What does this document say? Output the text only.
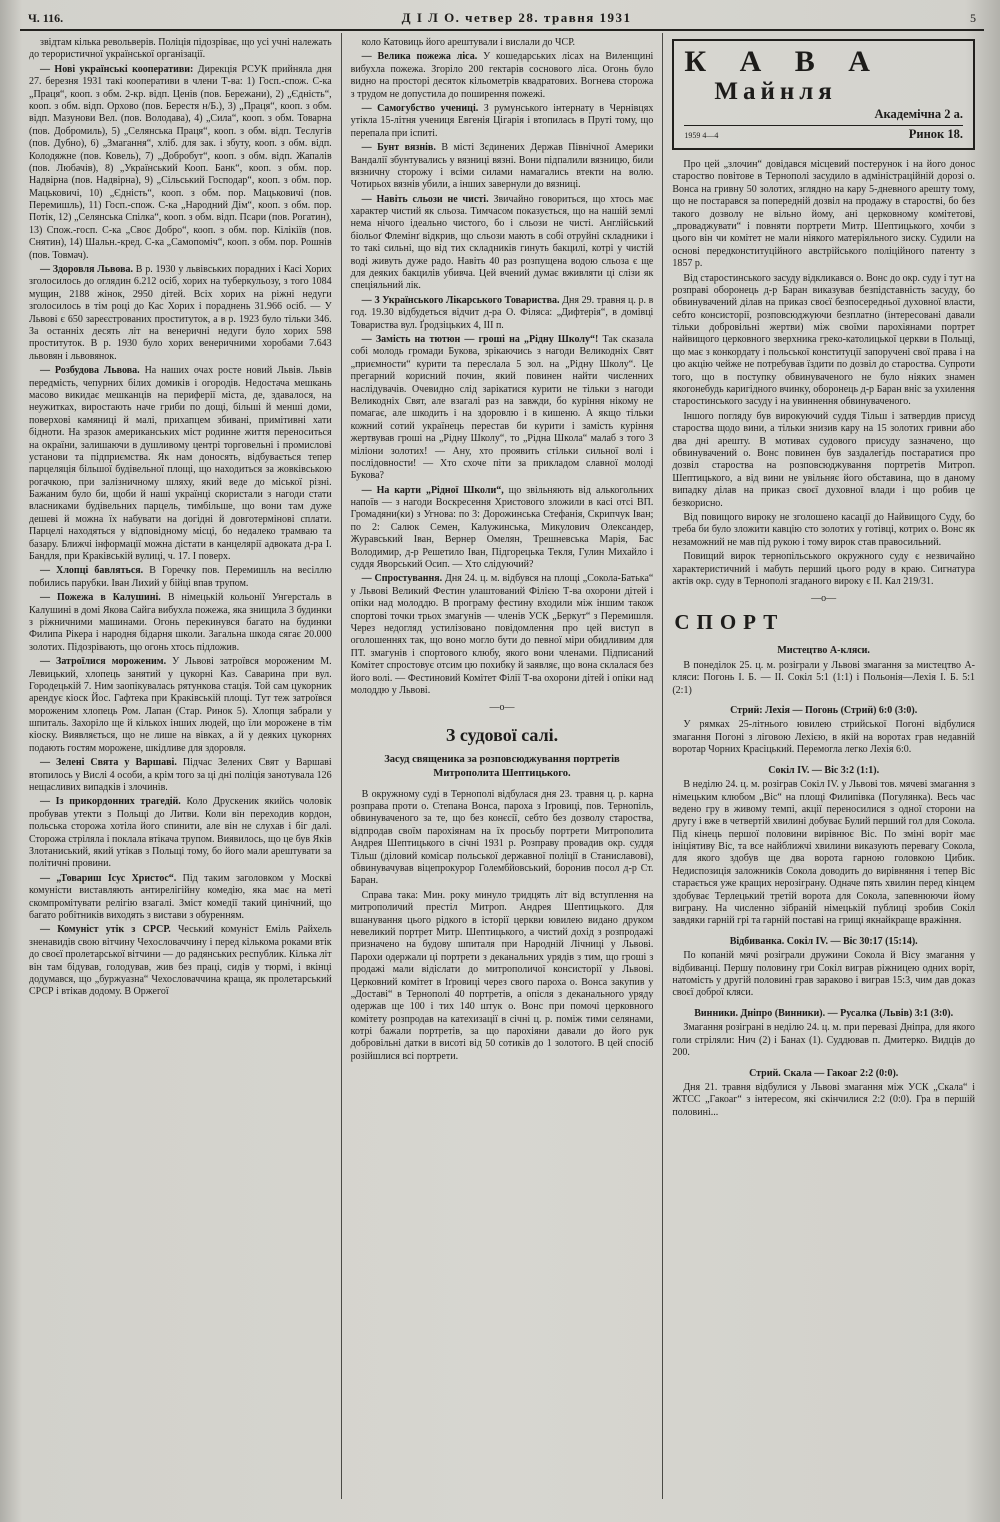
Ч. 116.	Д І Л О. четвер 28. травня 1931	5

звідтам кілька револьверів. Поліція підозріває, що усі учні належать до терористичної української організації.

— Нові українські кооперативи: Дирекція РСУК прийняла дня 27. березня 1931 такі кооперативи в члени Т-ва: 1) Госп.-спож. С-ка „Праця“, кооп. з обм. 2-кр. відп. Ценів (пов. Бережани), 2) „Єдність“, кооп. з обм. відп. Орхово (пов. Берестя н/Б.), 3) „Праця“, кооп. з обм. відп. Мазунови Вел. (пов. Володава), 4) „Сила“, кооп. з обм. Товарна (пов. Добромиль), 5) „Селянська Праця“, кооп. з обм. відп. Теслугів (пов. Дубно), 6) „Змагання“, хліб. для зак. і збуту, кооп. з обм. відп. Колодяжне (пов. Ковель), 7) „Добробут“, кооп. з обм. відп. Жапалів (пов. Любачів), 8) „Український Кооп. Банк“, кооп. з обм. пор. Надвірна (пов. Надвірна), 9) „Сільський Господар“, кооп. з обм. пор. Мацьковичі, 10) „Єдність“, кооп. з обм. пор. Мацьковичі (пов. Перемишль), 11) Госп.-спож. С-ка „Народний Дім“, кооп. з обм. пор. Потік, 12) „Селянська Спілка“, кооп. з обм. відп. Псари (пов. Рогатин), 13) Спож.-госп. С-ка „Своє Добро“, кооп. з обм. пор. Кілікіїв (пов. Снятин), 14) Шальн.-кред. С-ка „Самопоміч“, кооп. з обм. пор. Рошнів (пов. Товмач).

— Здоровля Львова. В р. 1930 у львівських порадних і Касі Хорих зголосилось до оглядин 6.212 осіб, хорих на туберкульозу, з того 1084 мущин, 2188 жінок, 2950 дітей. Всіх хорих на ріжні недуги зголосилось в тім році до Кас Хорих і пораднень 31.966 осіб. — У Львові є 650 зареєстрованих проституток, а в р. 1923 було тільки 346. За останніх десять літ на венеричні недуги було хорих 598 проституток. В р. 1930 було хорих венеричними хоробами 7.643 львовян і львовянок.

— Розбудова Львова. На наших очах росте новий Львів. Львів передмість, чепурних білих домиків і огородів. Недостача мешкань масово викидає мешканців на периферії міста, де, здавалося, на неужитках, виростають наче гриби по дощі, більші й менші доми, поверхові камяниці й малі, прихапцем збивані, примітивні хати бідноти. На зразок американських міст родинне життя переноситься на окраїни, залишаючи в душливому центрі торговельні і промислові установи та підприємства. Як нам доносять, відбувається тепер парцеляція більшої будівельної площі, що находиться за жовківською рогачкою, при залізничному шляху, який веде до міської різні. Бажаним було би, щоби й наші українці скористали з нагоди стати власниками будівельних парцель, тимбільше, що вони там дуже дешеві й можна їх набувати на догідні й довготермінові сплати. Парцелі находяться у відповідному місці, бо недалеко трамваю та базару. Ближчі інформації можна дістати в канцелярії адвоката д-ра І. Бандля, при Краківській вулиці, ч. 17. І поверх.

— Хлопці бавляться. В Горечку пов. Перемишль на весіллю побились парубки. Іван Лихий у бійці впав трупом.

— Пожежа в Калушині. В німецькій кольонії Унгерсталь в Калушині в домі Якова Сайга вибухла пожежа, яка знищила 3 будинки з ріжничними машинами. Огонь перекинувся багато на будинки Филипа Рікера і народня бідарня школи. Загальна шкода сягає 20.000 золотих. Підозрівають, що огонь хтось підложив.

— Затроїлися мороженим. У Львові затроївся мороженим М. Левицький, хлопець занятий у цукорні Каз. Саварина при вул. Городецькій 7. Ним заопікувалась рятункова стація. Той сам цукорник арендує кіоск Йос. Гафтека при Краківській площі. Тут теж затроївся мороженим хлопець Ром. Лапан (Стар. Ринок 5). Хлопця забрали у шпиталь. Захоріло ще й кількох інших людей, що їли морожене в тім кіоску. Виявляється, що не лише на вівках, а й у деяких цукорнях подають гостям морожене, шкідливе для здоровля.

— Зелені Свята у Варшаві. Підчас Зелених Свят у Варшаві втопилось у Вислі 4 особи, а крім того за ці дні поліція занотувала 126 нещасливих випадків і злочинів.

— Із прикордонних трагедій. Коло Друскеник якийсь чоловік пробував утекти з Польщі до Литви. Коли він переходив кордон, польська сторожа хотіла його спинити, але він не слухав і біг далі. Сторожа стріляла і поклала втікача трупом. Виявилось, що це був Яків Злотаниський, який утікав з Польщі тому, бо його мали арештувати за політичні провини.

— „Товариш Ісус Христос“. Під таким заголовком у Москві комуністи виставляють антирелігійну комедію, яка має на меті скомпромітувати релігію взагалі. Зміст комедії такий цинічний, що багато робітників виходять з вистави з обуренням.

— Комуніст утік з СРСР. Чеський комуніст Еміль Райхель зненавидів свою вітчину Чехословаччину і перед кількома роками втік до своєї пролетарської вітчини — до радянських республик. Кілька літ він там бідував, голодував, жив без праці, сидів у тюрмі, і вкінці додумався, що „буржуазна“ Чехословаччина краща, як пролетарський СРСР і втікав додому. В Оржегої

коло Катовиць його арештували і вислали до ЧСР.

— Велика пожежа ліса. У кошедарських лісах на Виленщині вибухла пожежа. Згоріло 200 гектарів соснового ліса. Огонь було видно на просторі десяток кільометрів квадратових. Вогнева сторожа з трудом не допустила до поширення пожежі.

— Самогубство учениці. З румунського інтернату в Чернівцях утікла 15-літня учениця Евгенія Цігарія і втопилась в Пруті тому, що перепала при іспиті.

— Бунт вязнів. В місті Зєдинених Держав Північної Америки Вандалії збунтувались у вязниці вязні. Вони підпалили вязницю, били вязничну сторожу і всіми силами намагались втекти на волю. Чотирьох вязнів убили, а інших завернули до вязниці.

— Навіть сльози не чисті. Звичайно говориться, що хтось має характер чистий як сльоза. Тимчасом показується, що на нашій землі нема нічого ідеально чистого, бо і сльози не чисті. Англійський біольоґ Флемінґ відкрив, що сльози мають в собі отруйні складники і то такі сильні, що від тих складників гинуть бакцилі, котрі у чистій воді живуть дуже радо. Навіть 40 раз розпущена водою сльоза є ще для деяких бакцилів убивча. Цей вчений думає вживляти ці слізи як спеціяльний лік.

— З Українського Лікарського Товариства. Дня 29. травня ц. р. в год. 19.30 відбудеться відчит д-ра О. Філяса: „Дифтерія“, в домівці Товариства вул. Ґродзіцьких 4, III п.

— Замість на тютюн — гроші на „Рідну Школу“! Так сказала собі молодь громади Букова, зрікаючись з нагоди Великодніх Свят „приємности“ курити та переслала 5 зол. на „Рідну Школу“. Це прегарний корисний почин, який повинен найти численних наслідувачів. Очевидно слід зарікатися курити не тільки з нагоди Великодніх Свят, але взагалі раз на завжди, бо куріння нікому не помагає, але шкодить і на здоровлю і в кишеню. А якщо тільки кожний сотий українець перестав би курити і замість куріння жертвував гроші на „Рідну Школу“, то „Рідна Школа“ малаб з того 3 міліони золотих! — Ану, хто проявить стільки сильної волі і послідовности! — Хто схоче піти за прикладом славної молоді Букова?

— На карти „Рідної Школи“, що звільняють від алькогольних напоїв — з нагоди Воскресення Христового зложили в касі отсі ВП. Громадяни(ки) з Угнова: по 3: Дорожинська Стефанія, Скрипчук Іван; по 2: Салюк Семен, Калужинська, Микулович Олександер, Журавський Іван, Вернер Омелян, Трешневська Марія, Бас Володимир, д-р Решетило Іван, Підгорецька Текля, Гулин Михайло і суддя Яворський Осип. — Хто слідуючий?

— Спростування. Дня 24. ц. м. відбувся на площі „Сокола-Батька“ у Львові Великий Фестин улаштований Філією Т-ва охорони дітей і опіки над молоддю. В програму фестину входили між іншим також спортові точки трьох змагунів — членів УСК „Беркут“ з Перемишля. Через недогляд устилізовано повідомлення про цей виступ в оголошеннях так, що воно могло бути до певної міри обидливим для ПТ. змагунів і спортового клюбу, якого вони членами. Підписаний Комітет спростовує отсим цю похибку й заявляє, що вона склалася без його волі. — Фестиновий Комітет Філії Т-ва охорони дітей і опіки над молоддю у Львові.

—о—
З судової салі.
Засуд священика за розповсюджування портретів Митрополита Шептицького.

В окружному суді в Тернополі відбулася дня 23. травня ц. р. карна розправа проти о. Степана Вонса, пароха з Іґровиці, пов. Тернопіль, обвинуваченого за те, що без конєсії, себто без дозволу староства, відпродав своїм парохіянам на їх просьбу портрети Митрополита Андрея Шептицького в січні 1931 р. Розправу провадив окр. суддя Тільш (діловий комісар польської державної поліції в Станиславові), обвинувачував віцепрокурор Голембйовський, боронив посол д-р Ст. Баран.

Справа така: Мин. року минуло тридцять літ від вступлення на митрополичий престіл Митроп. Андрея Шептицького. Для вшанування цього рідкого в історії церкви ювилею видано друком невеликий портрет Митр. Шептицького, а чистий дохід з розпродажі призначено на будову шпиталя при Народній Лічниці у Львові. Парохи одержали ці портрети з деканальних урядів з тим, що гроші з продажі мали відіслати до митрополичої консисторії у Львові. Церковний комітет в Іґровиці через свого пароха о. Вонса закупив у „Доставі“ в Тернополі 40 портретів, а опісля з деканального уряду одержав ще 100 і тих 140 штук о. Вонс при помочі церковного комітету розпродав на катехизації в січні ц. р. поміж тими селянами, котрі бажали портретів, за що парохіяни давали до його рук добровільні датки в висоті від 50 сотиків до 1 золотого. В цей спосіб розійшлися всі портрети.

К А В А
Майнля
Академічна 2 а.
1959 4—4	Ринок 18.

Про цей „злочин“ довідався місцевий постерунок і на його донос староство повітове в Тернополі засудило в адміністраційній дорозі о. Вонса на гривну 50 золотих, зглядно на кару 5-дневного арешту тому, що не постарався за попередній дозвіл на продажу в старостві, бо без такого дозволу не вільно йому, ані церковному комітетові, „проваджувати“ і повняти портрети Митр. Шептицького, хочби з цього він чи комітет не мали ніякого матеріяльного зиску. Судили на основі передконституційного австрійського поліційного патенту з 1857 р.

Від старостинського засуду відкликався о. Вонс до окр. суду і тут на розправі оборонець д-р Баран виказував безпідставність засуду, бо обвинувачений ділав на приказ своєї безпосередньої духовної власти, себто консисторії, розповсюджуючи безплатно (інтересовані давали тільки добровільні жертви) між своїми парохіянами портрет найвищого церковного зверхника греко-католицької церкви в Польщі, що має з конкордату і польської конституції запоручені свої права і на цю акцію чейже не потребував їздити по дозвіл до староства. Супроти того, що в поступку обвинуваченого не було ніяких знамен якогонебудь каригідного вчинку, оборонець д-р Баран вніс за ухилення старостинського засуду і на увиннення обвинуваченого.

Іншого погляду був вирокуючий суддя Тільш і затвердив присуд староства щодо вини, а тільки знизив кару на 15 золотих гривни або два дні арешту. В мотивах судового присуду зазначено, що обвинувачений о. Вонс повинен був заздалегідь постаратися про дозвіл староства на розповсюджування портретів Митроп. Шептицького, а від вини не увільняє його обставина, що в даному випадку ділав на приказ своєї духовної влади і що робив це безкорисно.

Від повищого вироку не зголошено касації до Найвищого Суду, бо треба би було зложити кавцію сто золотих у готівці, котрих о. Вонс як незаможний не мав під рукою і тому вирок став правосильний.

Повищий вирок тернопільського окружного суду є незвичайно характеристичний і мабуть перший цього роду в краю. Сигнатура актів окр. суду в Тернополі згаданого вироку є ІІ. Кал 219/31.

—о—
СПОРТ
Мистецтво А-кляси.

В понеділок 25. ц. м. розіграли у Львові змагання за мистецтво А-кляси: Погонь І. Б. — ІІ. Сокіл 5:1 (1:1) і Польонія—Лехія І. Б. 5:1 (2:1)

Стрий: Лехія — Погонь (Стрий) 6:0 (3:0).

У рямках 25-літнього ювилею стрийської Погоні відбулися змагання Погоні з ліговою Лехією, в якій на воротах грав недавній воротар Чорних Красіцький. Перемогла легко Лехія 6:0.

Сокіл IV. — Віс 3:2 (1:1).

В неділю 24. ц. м. розіграв Сокіл IV. у Львові тов. мячеві змагання з німецьким клюбом „Віс“ на площі Филипівка (Погулянка). Весь час ведено гру в живому темпі, акції переносилися з одної сторони на другу і вже в четвертій хвилині добуває Булий перший гол для Сокола. Під кінець першої половини вирівнює Віс. По зміні воріт має ініціятиву Віс, та все найближчі хвилини виказують перевагу Сокола, для якого здобув ще два ворота гарною головкою Цибик. Недиспозиція заложників Сокола доводить до вирівняння і тепер Віс стараєтьcя уже кращих нерозіграну. Одначе пять хвилин перед кінцем здобуває Терлецький третій ворота для Сокола, запевнюючи йому виграну. На численно зібраній німецькій публиці зробив Сокіл завдяки гарній грі та гарній поставі на грищі якнайкраще вражіння.

Відбиванка. Сокіл IV. — Віс 30:17 (15:14).

По копаній мячі розіграли дружини Сокола й Вісу змагання у відбиванці. Першу половину гри Сокіл виграв ріжницею одних воріт, натомість у другій половині грав зараково і виграв 15:3, чим дав доказ своєї доброї кляси.

Винники. Дніпро (Винники). — Русалка (Львів) 3:1 (3:0).

Змагання розіграні в неділю 24. ц. м. при перевазі Дніпра, для якого голи стріляли: Нич (2) і Банах (1). Суддював п. Дмитерко. Видців до 200.

Стрий. Скала — Гакоаг 2:2 (0:0).

Дня 21. травня відбулися у Львові змагання між УСК „Скала“ і ЖТСС „Гакоаг“ з інтересом, які скінчилися 2:2 (0:0). Гра в першій половині...
